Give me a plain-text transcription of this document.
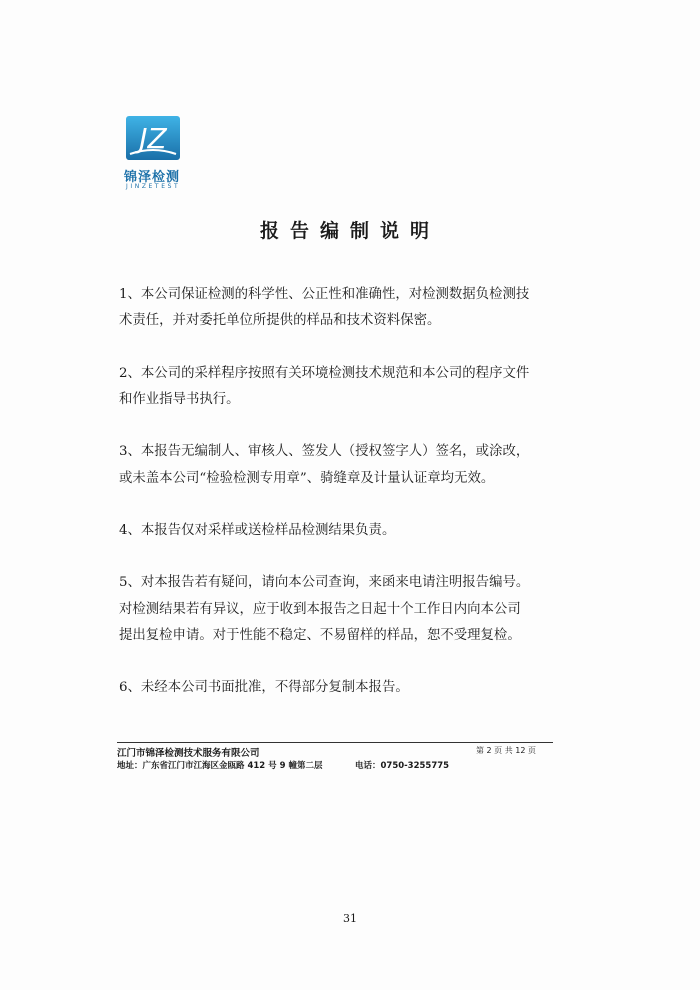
JZ
锦泽检测
JINZETEST
报告编制说明

1、本公司保证检测的科学性、公正性和准确性，对检测数据负检测技
术责任，并对委托单位所提供的样品和技术资料保密。

2、本公司的采样程序按照有关环境检测技术规范和本公司的程序文件
和作业指导书执行。

3、本报告无编制人、审核人、签发人（授权签字人）签名，或涂改，
或未盖本公司“检验检测专用章”、骑缝章及计量认证章均无效。

4、本报告仅对采样或送检样品检测结果负责。

5、对本报告若有疑问，请向本公司查询，来函来电请注明报告编号。
对检测结果若有异议，应于收到本报告之日起十个工作日内向本公司
提出复检申请。对于性能不稳定、不易留样的样品，恕不受理复检。

6、未经本公司书面批准，不得部分复制本报告。

江门市锦泽检测技术服务有限公司	第 2 页 共 12 页
地址：广东省江门市江海区金瓯路 412 号 9 幢第二层	电话：0750-3255775
31
